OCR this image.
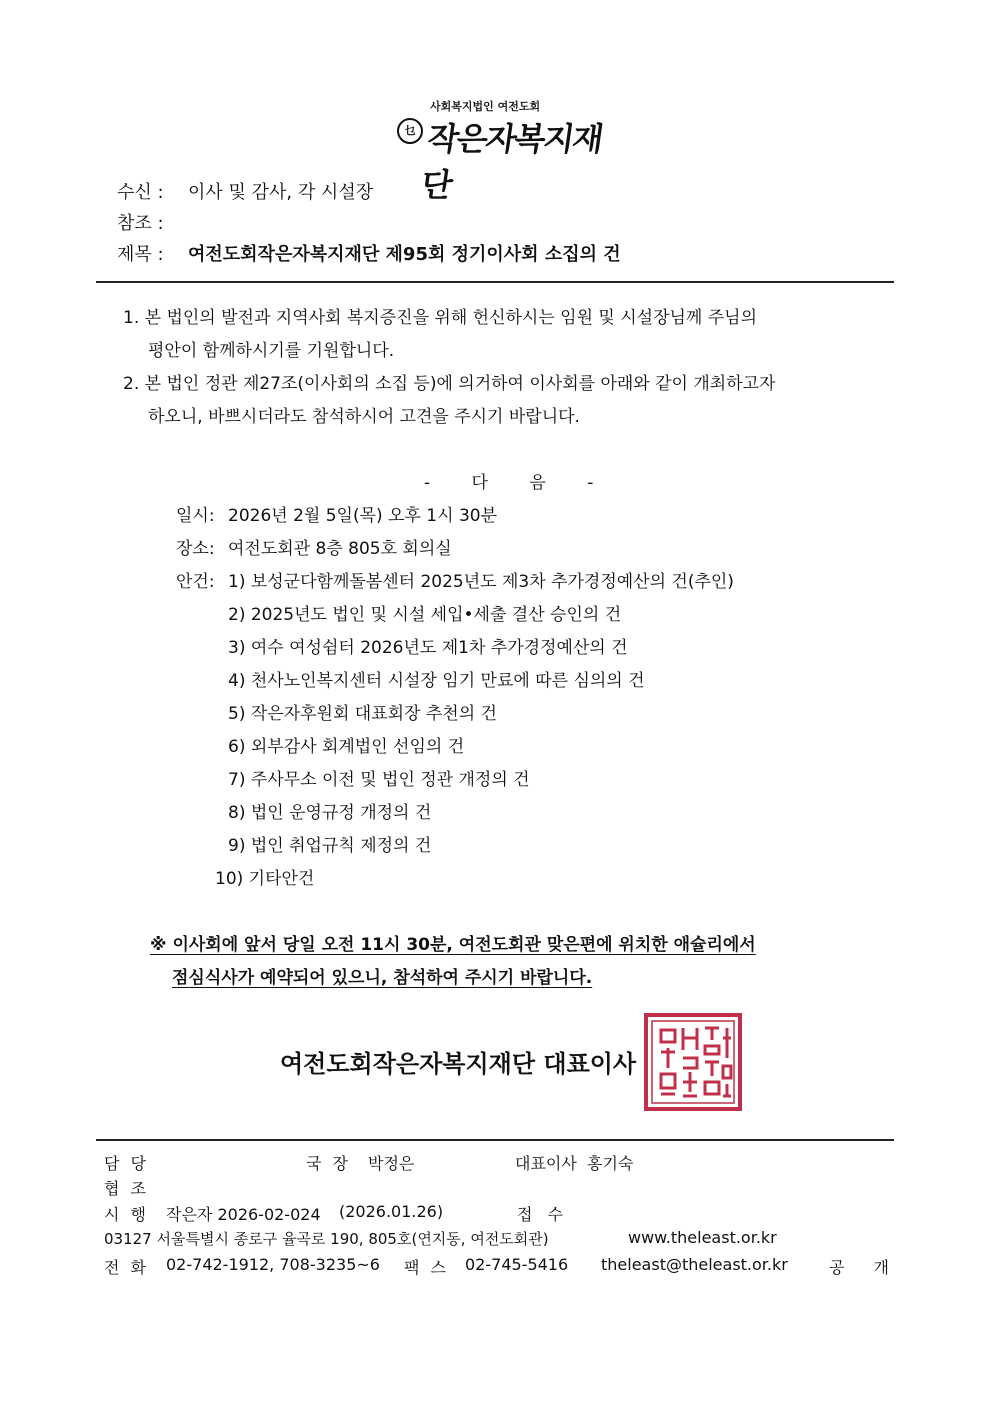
乜
사회복지법인 여전도회
작은자복지재단
수신 : 이사 및 감사, 각 시설장
참조 :
제목 : 여전도회작은자복지재단 제95회 정기이사회 소집의 건
1. 본 법인의 발전과 지역사회 복지증진을 위해 헌신하시는 임원 및 시설장님께 주님의
평안이 함께하시기를 기원합니다.
2. 본 법인 정관 제27조(이사회의 소집 등)에 의거하여 이사회를 아래와 같이 개최하고자
하오니, 바쁘시더라도 참석하시어 고견을 주시기 바랍니다.
- 다 음 -
일시: 2026년 2월 5일(목) 오후 1시 30분
장소: 여전도회관 8층 805호 회의실
안건: 1) 보성군다함께돌봄센터 2025년도 제3차 추가경정예산의 건(추인)
2) 2025년도 법인 및 시설 세입•세출 결산 승인의 건
3) 여수 여성쉼터 2026년도 제1차 추가경정예산의 건
4) 천사노인복지센터 시설장 임기 만료에 따른 심의의 건
5) 작은자후원회 대표회장 추천의 건
6) 외부감사 회계법인 선임의 건
7) 주사무소 이전 및 법인 정관 개정의 건
8) 법인 운영규정 개정의 건
9) 법인 취업규칙 제정의 건
10) 기타안건
※ 이사회에 앞서 당일 오전 11시 30분, 여전도회관 맞은편에 위치한 애슐리에서
점심식사가 예약되어 있으니, 참석하여 주시기 바랍니다.
여전도회작은자복지재단 대표이사
담 당	국 장 박정은	대표이사 홍기숙
협 조
시 행 작은자 2026-02-024 (2026.01.26)	접 수
03127 서울특별시 종로구 율곡로 190, 805호(연지동, 여전도회관)	www.theleast.or.kr
전 화 02-742-1912, 708-3235~6 팩 스 02-745-5416 theleast@theleast.or.kr	공 개
